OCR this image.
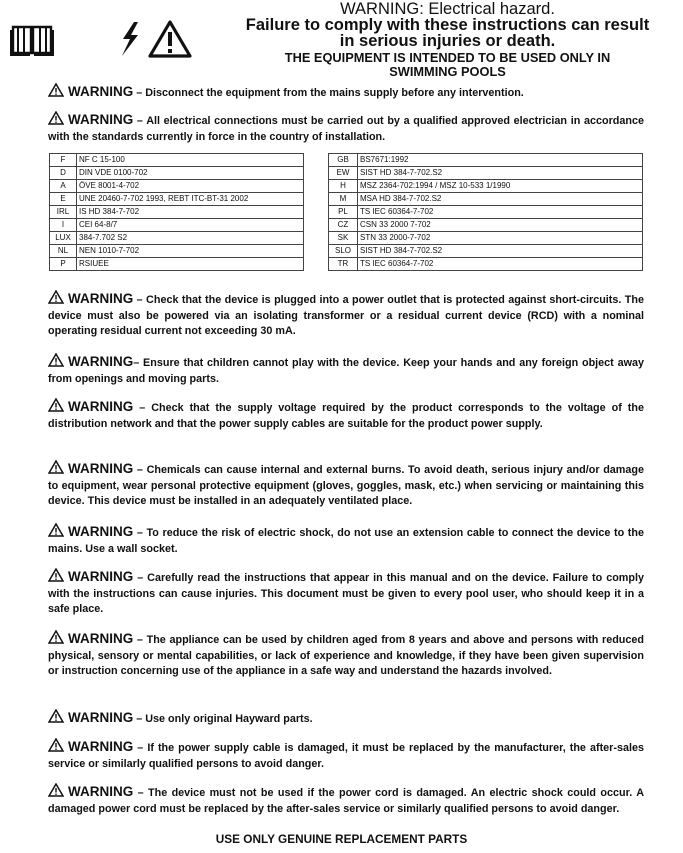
WARNING: Electrical hazard.
Failure to comply with these instructions can result
in serious injuries or death.
THE EQUIPMENT IS INTENDED TO BE USED ONLY IN
SWIMMING POOLS
WARNING – Disconnect the equipment from the mains supply before any intervention.
WARNING – All electrical connections must be carried out by a qualified approved electrician in accordance with the standards currently in force in the country of installation.
F	NF C 15-100		GB	BS7671:1992
D	DIN VDE 0100-702		EW	SIST HD 384-7-702.S2
A	ÖVE 8001-4-702		H	MSZ 2364-702:1994 / MSZ 10-533 1/1990
E	UNE 20460-7-702 1993, REBT ITC-BT-31 2002		M	MSA HD 384-7-702.S2
IRL	IS HD 384-7-702		PL	TS IEC 60364-7-702
I	CEI 64-8/7		CZ	CSN 33 2000 7-702
LUX	384-7.702 S2		SK	STN 33 2000-7-702
NL	NEN 1010-7-702		SLO	SIST HD 384-7-702.S2
P	RSIUEE		TR	TS IEC 60364-7-702
WARNING – Check that the device is plugged into a power outlet that is protected against short-circuits. The device must also be powered via an isolating transformer or a residual current device (RCD) with a nominal operating residual current not exceeding 30 mA.
WARNING– Ensure that children cannot play with the device. Keep your hands and any foreign object away from openings and moving parts.
WARNING – Check that the supply voltage required by the product corresponds to the voltage of the distribution network and that the power supply cables are suitable for the product power supply.
WARNING – Chemicals can cause internal and external burns. To avoid death, serious injury and/or damage to equipment, wear personal protective equipment (gloves, goggles, mask, etc.) when servicing or maintaining this device. This device must be installed in an adequately ventilated place.
WARNING – To reduce the risk of electric shock, do not use an extension cable to connect the device to the mains. Use a wall socket.
WARNING – Carefully read the instructions that appear in this manual and on the device. Failure to comply with the instructions can cause injuries. This document must be given to every pool user, who should keep it in a safe place.
WARNING – The appliance can be used by children aged from 8 years and above and persons with reduced physical, sensory or mental capabilities, or lack of experience and knowledge, if they have been given supervision or instruction concerning use of the appliance in a safe way and understand the hazards involved.
WARNING – Use only original Hayward parts.
WARNING – If the power supply cable is damaged, it must be replaced by the manufacturer, the after-sales service or similarly qualified persons to avoid danger.
WARNING – The device must not be used if the power cord is damaged. An electric shock could occur. A damaged power cord must be replaced by the after-sales service or similarly qualified persons to avoid danger.
USE ONLY GENUINE REPLACEMENT PARTS
